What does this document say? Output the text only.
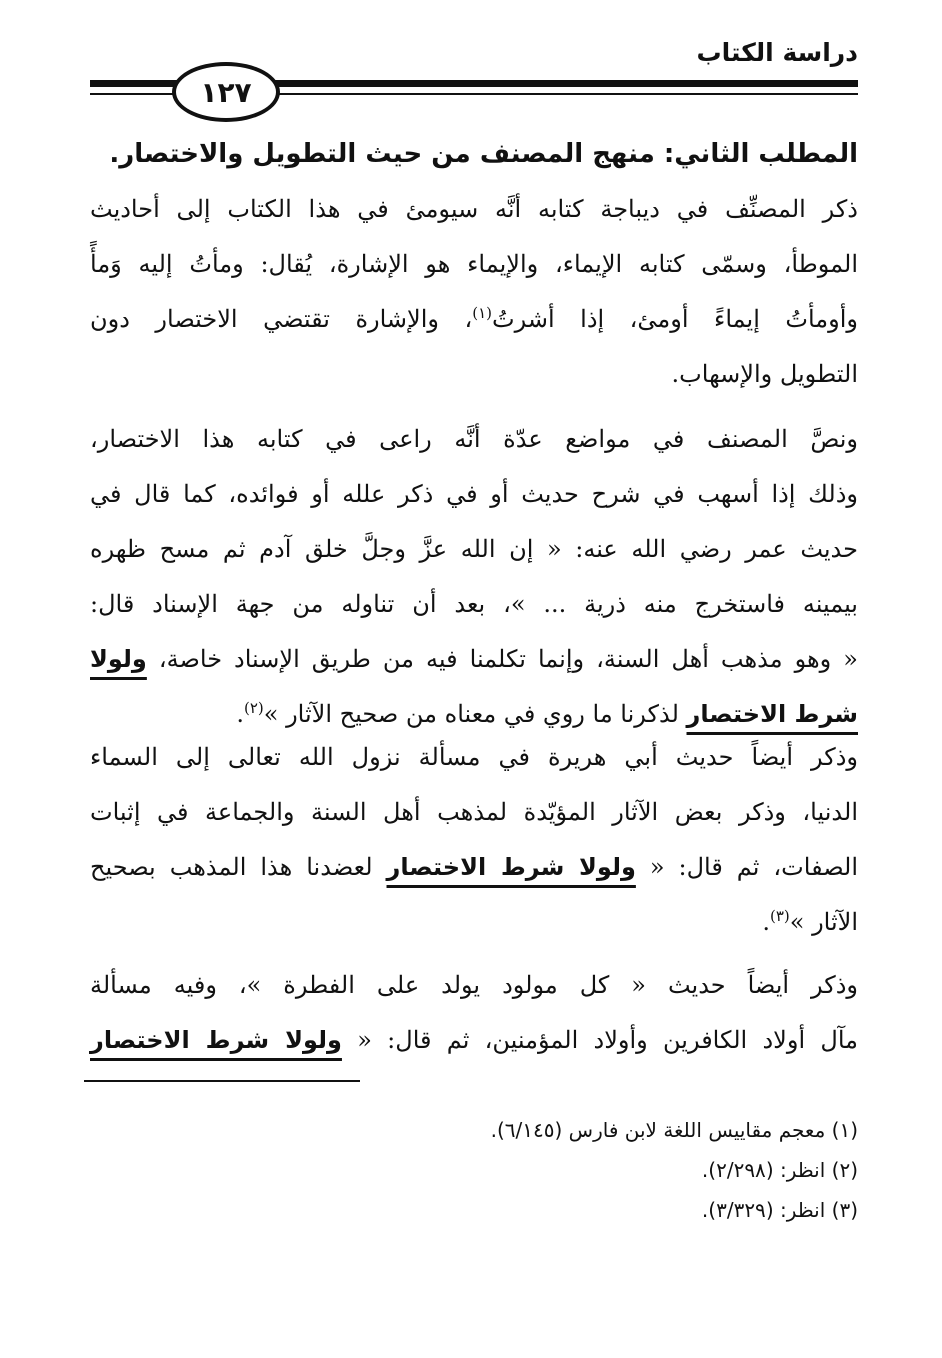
دراسة الكتاب
١٢٧
المطلب الثاني: منهج المصنف من حيث التطويل والاختصار.
ذكر المصنِّف في ديباجة كتابه أنَّه سيومئ في هذا الكتاب إلى أحاديث
الموطأ، وسمّى كتابه الإيماء، والإيماء هو الإشارة، يُقال: ومأتُ إليه وَمأً
وأومأتُ إيماءً أومئ، إذا أشرتُ$^{(١)}$، والإشارة تقتضي الاختصار دون
التطويل والإسهاب.
ونصَّ المصنف في مواضع عدّة أنَّه راعى في كتابه هذا الاختصار،
وذلك إذا أسهب في شرح حديث أو في ذكر علله أو فوائده، كما قال في
حديث عمر رضي الله عنه: « إن الله عزَّ وجلَّ خلق آدم ثم مسح ظهره
بيمينه فاستخرج منه ذرية ... »، بعد أن تناوله من جهة الإسناد قال:
« وهو مذهب أهل السنة، وإنما تكلمنا فيه من طريق الإسناد خاصة، ولولا
شرط الاختصار لذكرنا ما روي في معناه من صحيح الآثار »$^{(٢)}$.
وذكر أيضاً حديث أبي هريرة في مسألة نزول الله تعالى إلى السماء
الدنيا، وذكر بعض الآثار المؤيّدة لمذهب أهل السنة والجماعة في إثبات
الصفات، ثم قال: « ولولا شرط الاختصار لعضدنا هذا المذهب بصحيح
الآثار »$^{(٣)}$.
وذكر أيضاً حديث « كل مولود يولد على الفطرة »، وفيه مسألة
مآل أولاد الكافرين وأولاد المؤمنين، ثم قال: « ولولا شرط الاختصار
(١) معجم مقاييس اللغة لابن فارس (٦/١٤٥).
(٢) انظر: (٢/٢٩٨).
(٣) انظر: (٣/٣٢٩).
